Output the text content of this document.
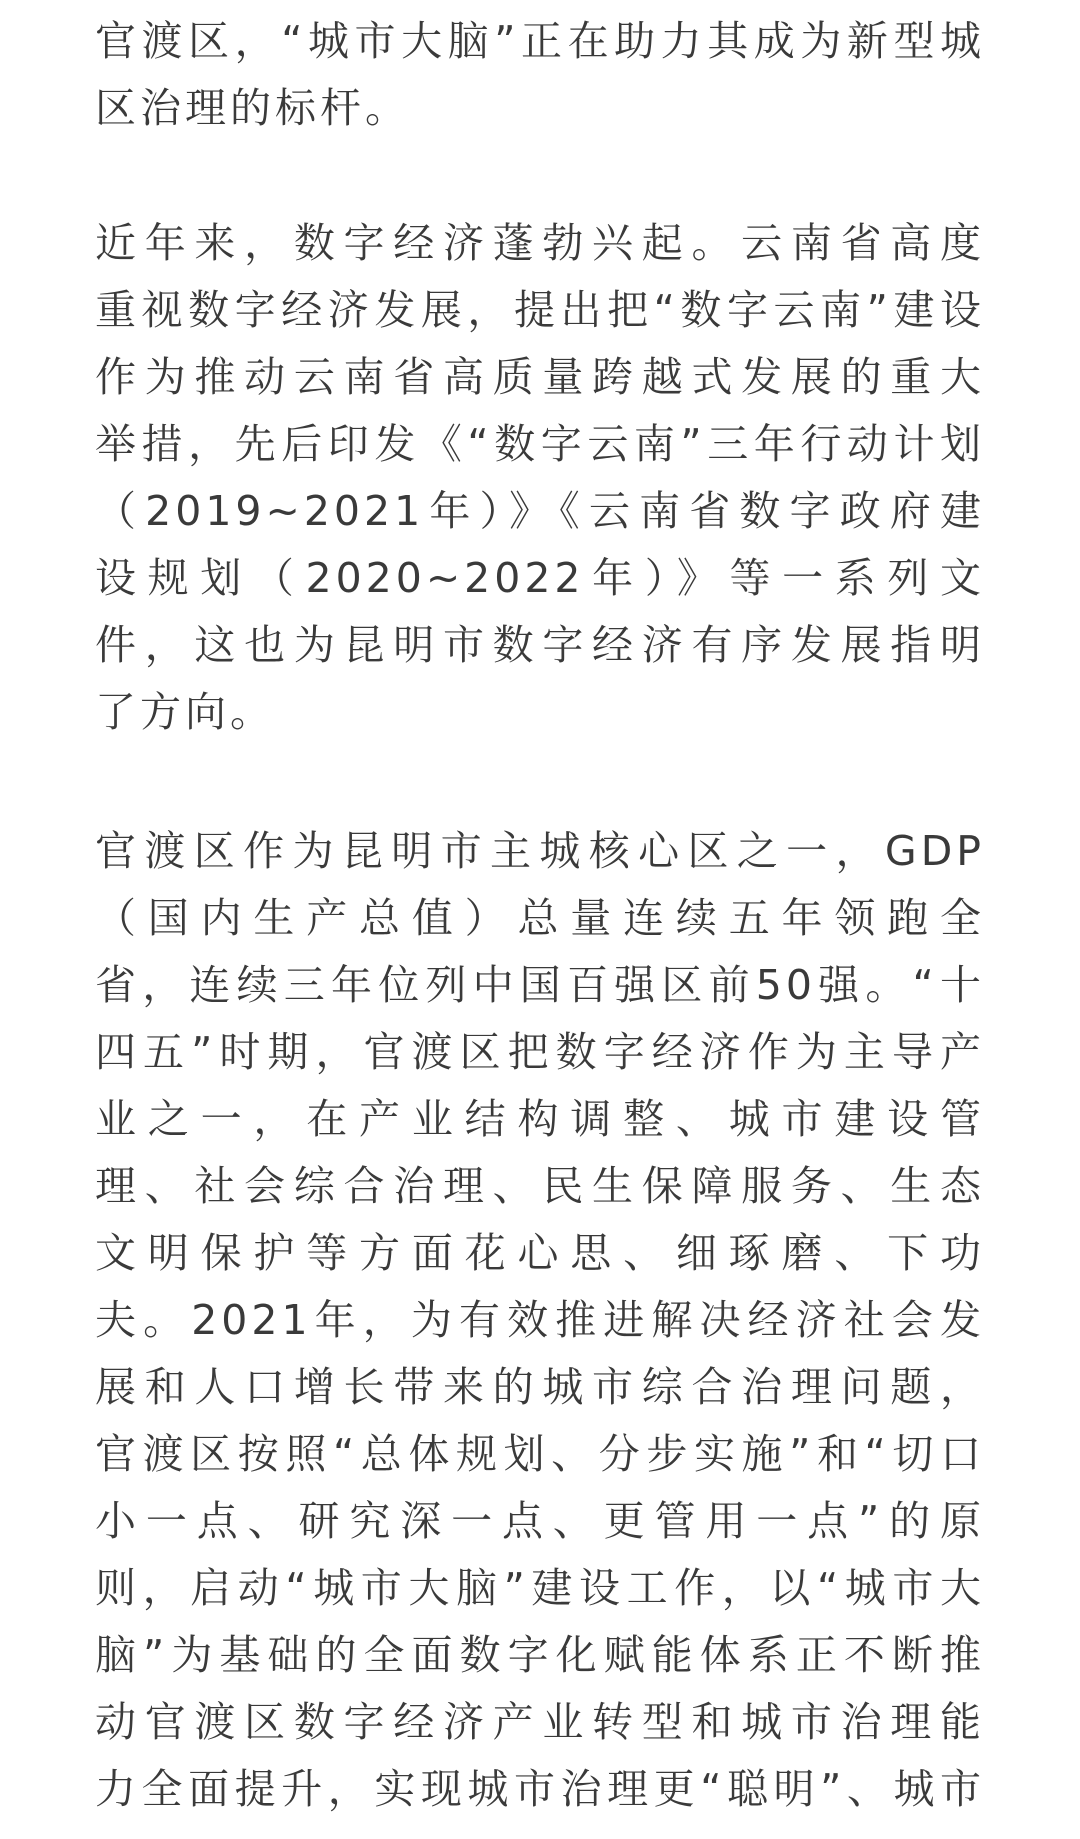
官渡区，“城市大脑”正在助力其成为新型城
区治理的标杆。
近年来，数字经济蓬勃兴起。云南省高度
重视数字经济发展，提出把“数字云南”建设
作为推动云南省高质量跨越式发展的重大
举措，先后印发《“数字云南”三年行动计划
（2019~2021年）》《云南省数字政府建
设规划（2020~2022年）》等一系列文
件，这也为昆明市数字经济有序发展指明
了方向。
官渡区作为昆明市主城核心区之一，GDP
（国内生产总值）总量连续五年领跑全
省，连续三年位列中国百强区前50强。“十
四五”时期，官渡区把数字经济作为主导产
业之一，在产业结构调整、城市建设管
理、社会综合治理、民生保障服务、生态
文明保护等方面花心思、细琢磨、下功
夫。2021年，为有效推进解决经济社会发
展和人口增长带来的城市综合治理问题，
官渡区按照“总体规划、分步实施”和“切口
小一点、研究深一点、更管用一点”的原
则，启动“城市大脑”建设工作，以“城市大
脑”为基础的全面数字化赋能体系正不断推
动官渡区数字经济产业转型和城市治理能
力全面提升，实现城市治理更“聪明”、城市
